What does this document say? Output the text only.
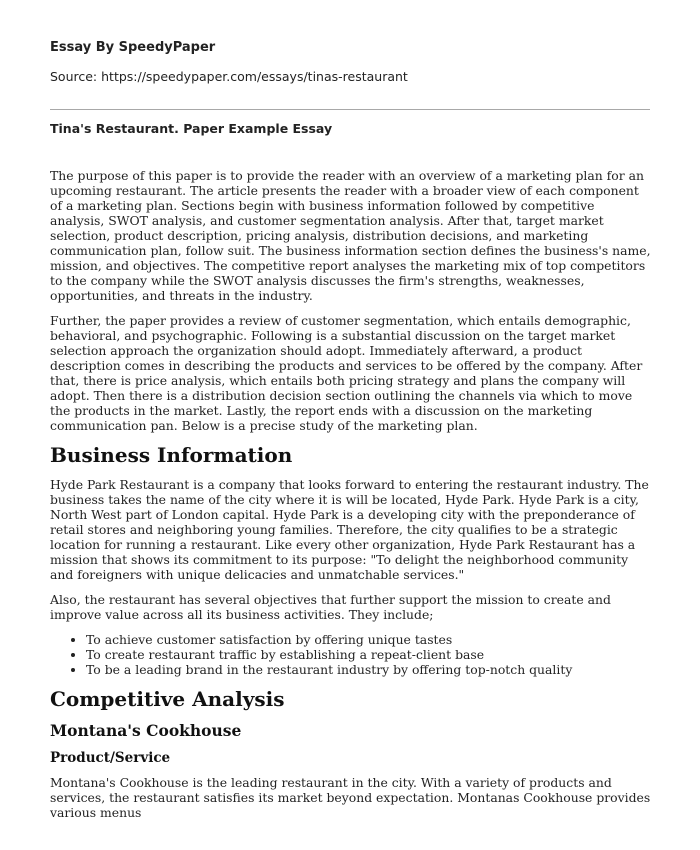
Essay By SpeedyPaper
Source: https://speedypaper.com/essays/tinas-restaurant
Tina's Restaurant. Paper Example Essay

The purpose of this paper is to provide the reader with an overview of a marketing plan for an upcoming restaurant. The article presents the reader with a broader view of each component of a marketing plan. Sections begin with business information followed by competitive analysis, SWOT analysis, and customer segmentation analysis. After that, target market selection, product description, pricing analysis, distribution decisions, and marketing communication plan, follow suit. The business information section defines the business's name, mission, and objectives. The competitive report analyses the marketing mix of top competitors to the company while the SWOT analysis discusses the firm's strengths, weaknesses, opportunities, and threats in the industry.

Further, the paper provides a review of customer segmentation, which entails demographic, behavioral, and psychographic. Following is a substantial discussion on the target market selection approach the organization should adopt. Immediately afterward, a product description comes in describing the products and services to be offered by the company. After that, there is price analysis, which entails both pricing strategy and plans the company will adopt. Then there is a distribution decision section outlining the channels via which to move the products in the market. Lastly, the report ends with a discussion on the marketing communication pan. Below is a precise study of the marketing plan.

Business Information

Hyde Park Restaurant is a company that looks forward to entering the restaurant industry. The business takes the name of the city where it is will be located, Hyde Park. Hyde Park is a city, North West part of London capital. Hyde Park is a developing city with the preponderance of retail stores and neighboring young families. Therefore, the city qualifies to be a strategic location for running a restaurant. Like every other organization, Hyde Park Restaurant has a mission that shows its commitment to its purpose: "To delight the neighborhood community and foreigners with unique delicacies and unmatchable services."

Also, the restaurant has several objectives that further support the mission to create and improve value across all its business activities. They include;

• To achieve customer satisfaction by offering unique tastes
• To create restaurant traffic by establishing a repeat-client base
• To be a leading brand in the restaurant industry by offering top-notch quality
Competitive Analysis
Montana's Cookhouse
Product/Service

Montana's Cookhouse is the leading restaurant in the city. With a variety of products and services, the restaurant satisfies its market beyond expectation. Montanas Cookhouse provides various menus
